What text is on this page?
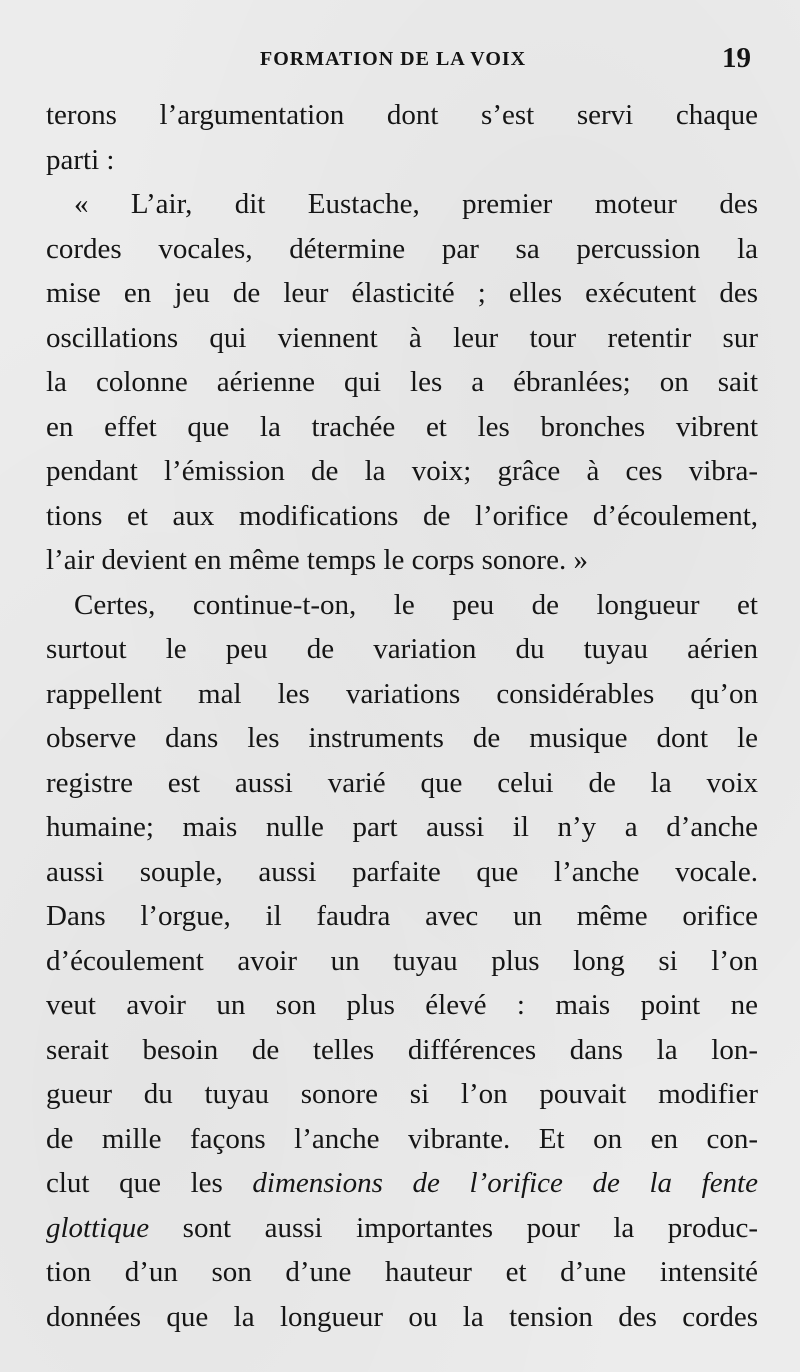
FORMATION DE LA VOIX	19
terons l’argumentation dont s’est servi chaque
parti :
« L’air, dit Eustache, premier moteur des
cordes vocales, détermine par sa percussion la
mise en jeu de leur élasticité ; elles exécutent des
oscillations qui viennent à leur tour retentir sur
la colonne aérienne qui les a ébranlées; on sait
en effet que la trachée et les bronches vibrent
pendant l’émission de la voix; grâce à ces vibra-
tions et aux modifications de l’orifice d’écoulement,
l’air devient en même temps le corps sonore. »
Certes, continue-t-on, le peu de longueur et
surtout le peu de variation du tuyau aérien
rappellent mal les variations considérables qu’on
observe dans les instruments de musique dont le
registre est aussi varié que celui de la voix
humaine; mais nulle part aussi il n’y a d’anche
aussi souple, aussi parfaite que l’anche vocale.
Dans l’orgue, il faudra avec un même orifice
d’écoulement avoir un tuyau plus long si l’on
veut avoir un son plus élevé : mais point ne
serait besoin de telles différences dans la lon-
gueur du tuyau sonore si l’on pouvait modifier
de mille façons l’anche vibrante. Et on en con-
clut que les dimensions de l’orifice de la fente
glottique sont aussi importantes pour la produc-
tion d’un son d’une hauteur et d’une intensité
données que la longueur ou la tension des cordes
